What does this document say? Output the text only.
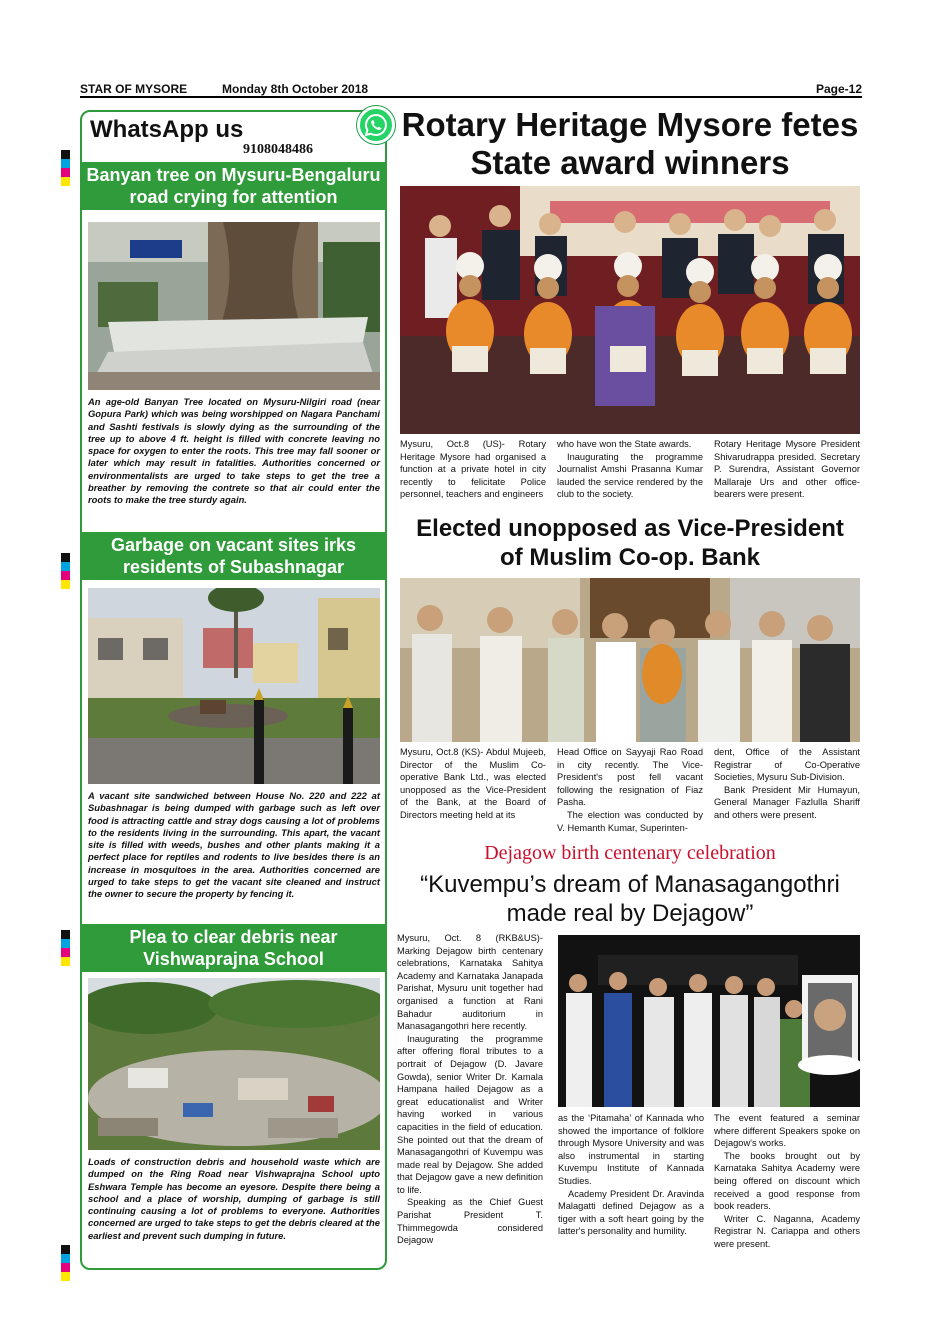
STAR OF MYSORE	Monday 8th October 2018	Page-12
WhatsApp us
9108048486
Banyan tree on Mysuru-Bengaluru
road crying for attention
An age-old Banyan Tree located on Mysuru-Nilgiri road (near Gopura Park) which was being worshipped on Nagara Panchami and Sashti festivals is slowly dying as the surrounding of the tree up to above 4 ft. height is filled with concrete leaving no space for oxygen to enter the roots. This tree may fall sooner or later which may result in fatalities. Authorities concerned or environmentalists are urged to take steps to get the tree a breather by removing the contrete so that air could enter the roots to make the tree sturdy again.
Garbage on vacant sites irks
residents of Subashnagar
A vacant site sandwiched between House No. 220 and 222 at Subashnagar is being dumped with garbage such as left over food is attracting cattle and stray dogs causing a lot of problems to the residents living in the surrounding. This apart, the vacant site is filled with weeds, bushes and other plants making it a perfect place for reptiles and rodents to live besides there is an increase in mosquitoes in the area. Authorities concerned are urged to take steps to get the vacant site cleaned and instruct the owner to secure the property by fencing it.
Plea to clear debris near
Vishwaprajna School
Loads of construction debris and household waste which are dumped on the Ring Road near Vishwaprajna School upto Eshwara Temple has become an eyesore. Despite there being a school and a place of worship, dumping of garbage is still continuing causing a lot of problems to everyone. Authorities concerned are urged to take steps to get the debris cleared at the earliest and prevent such dumping in future.
Rotary Heritage Mysore fetes
State award winners

Mysuru, Oct.8 (US)- Rotary Heritage Mysore had organised a function at a private hotel in city recently to felicitate Police personnel, teachers and engineers

who have won the State awards.

Inaugurating the programme Journalist Amshi Prasanna Kumar lauded the service rendered by the club to the society.

Rotary Heritage Mysore President Shivarudrappa presided. Secretary P. Surendra, Assistant Governor Mallaraje Urs and other office-bearers were present.

Elected unopposed as Vice-President
of Muslim Co-op. Bank

Mysuru, Oct.8 (KS)- Abdul Mujeeb, Director of the Muslim Co-operative Bank Ltd., was elected unopposed as the Vice-President of the Bank, at the Board of Directors meeting held at its

Head Office on Sayyaji Rao Road in city recently. The Vice-President's post fell vacant following the resignation of Fiaz Pasha.

The election was conducted by V. Hemanth Kumar, Superinten-

dent, Office of the Assistant Registrar of Co-Operative Societies, Mysuru Sub-Division.

Bank President Mir Humayun, General Manager Fazlulla Shariff and others were present.

Dejagow birth centenary celebration
“Kuvempu’s dream of Manasagangothri
made real by Dejagow”

Mysuru, Oct. 8 (RKB&US)- Marking Dejagow birth centenary celebrations, Karnataka Sahitya Academy and Karnataka Janapada Parishat, Mysuru unit together had organised a function at Rani Bahadur auditorium in Manasagangothri here recently.

Inaugurating the programme after offering floral tributes to a portrait of Dejagow (D. Javare Gowda), senior Writer Dr. Kamala Hampana hailed Dejagow as a great educationalist and Writer having worked in various capacities in the field of education. She pointed out that the dream of Manasagangothri of Kuvempu was made real by Dejagow. She added that Dejagow gave a new definition to life.

Speaking as the Chief Guest Parishat President T. Thimmegowda considered Dejagow

as the ‘Pitamaha’ of Kannada who showed the importance of folklore through Mysore University and was also instrumental in starting Kuvempu Institute of Kannada Studies.

Academy President Dr. Aravinda Malagatti defined Dejagow as a tiger with a soft heart going by the latter's personality and humility.

The event featured a seminar where different Speakers spoke on Dejagow's works.

The books brought out by Karnataka Sahitya Academy were being offered on discount which received a good response from book readers.

Writer C. Naganna, Academy Registrar N. Cariappa and others were present.
